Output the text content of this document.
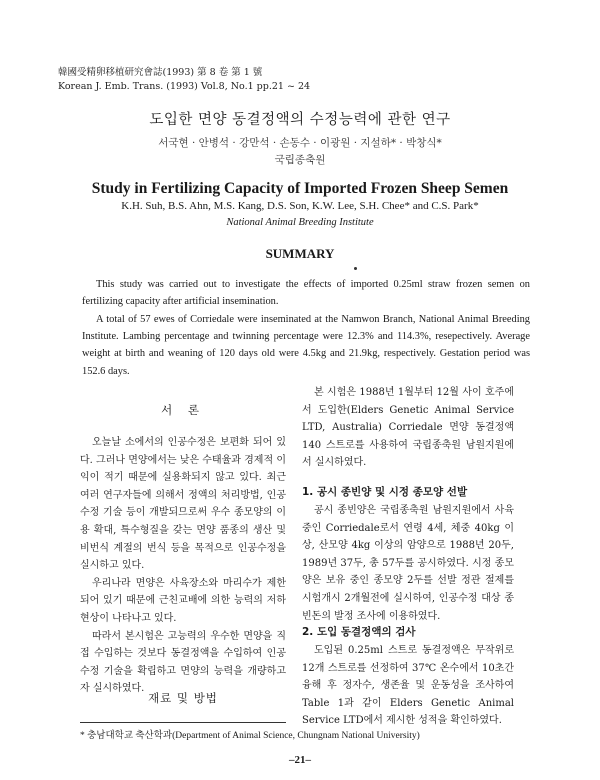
韓國受精卵移植研究會誌(1993) 第 8 卷 第 1 號
Korean J. Emb. Trans. (1993) Vol.8, No.1 pp.21 ~ 24
도입한 면양 동결정액의 수정능력에 관한 연구
서국현 · 안병석 · 강만석 · 손동수 · 이광원 · 지설하* · 박창식*
국립종축원
Study in Fertilizing Capacity of Imported Frozen Sheep Semen
K.H. Suh, B.S. Ahn, M.S. Kang, D.S. Son, K.W. Lee, S.H. Chee* and C.S. Park*
National Animal Breeding Institute
SUMMARY

This study was carried out to investigate the effects of imported 0.25ml straw frozen semen on fertilizing capacity after artificial insemination.

A total of 57 ewes of Corriedale were inseminated at the Namwon Branch, National Animal Breeding Institute. Lambing percentage and twinning percentage were 12.3% and 114.3%, resepectively. Average weight at birth and weaning of 120 days old were 4.5kg and 21.9kg, respectively. Gestation period was 152.6 days.

서 론

오늘날 소에서의 인공수정은 보편화 되어 있다. 그러나 면양에서는 낮은 수태율과 경제적 이익이 적기 때문에 실용화되지 않고 있다. 최근 여러 연구자들에 의해서 정액의 처리방법, 인공수정 기술 등이 개발되므로써 우수 종모양의 이용 확대, 특수형질을 갖는 면양 품종의 생산 및 비번식 계절의 번식 등을 목적으로 인공수정을 실시하고 있다.

우리나라 면양은 사육장소와 마리수가 제한되어 있기 때문에 근친교배에 의한 능력의 저하현상이 나타나고 있다.

따라서 본시험은 고능력의 우수한 면양을 직접 수입하는 것보다 동결정액을 수입하여 인공수정 기술을 확립하고 면양의 능력을 개량하고자 실시하였다.

재료 및 방법

본 시험은 1988년 1월부터 12월 사이 호주에서 도입한(Elders Genetic Animal Service LTD, Australia) Corriedale 면양 동결정액 140 스트로를 사용하여 국립종축원 남원지원에서 실시하였다.

1. 공시 종빈양 및 시정 종모양 선발

공시 종빈양은 국립종축원 남원지원에서 사육중인 Corriedale로서 연령 4세, 체중 40kg 이상, 산모양 4kg 이상의 암양으로 1988년 20두, 1989년 37두, 총 57두를 공시하였다. 시정 종모양은 보유 중인 종모양 2두를 선발 정관 절제를 시험개시 2개월전에 실시하여, 인공수정 대상 종빈돈의 발정 조사에 이용하였다.

2. 도입 동결정액의 검사

도입된 0.25ml 스트로 동결정액은 무작위로 12개 스트로를 선정하여 37℃ 온수에서 10초간 융해 후 정자수, 생존율 및 운동성을 조사하여 Table 1과 같이 Elders Genetic Animal Service LTD에서 제시한 성적을 확인하였다.

* 충남대학교 축산학과(Department of Animal Science, Chungnam National University)
–21–
